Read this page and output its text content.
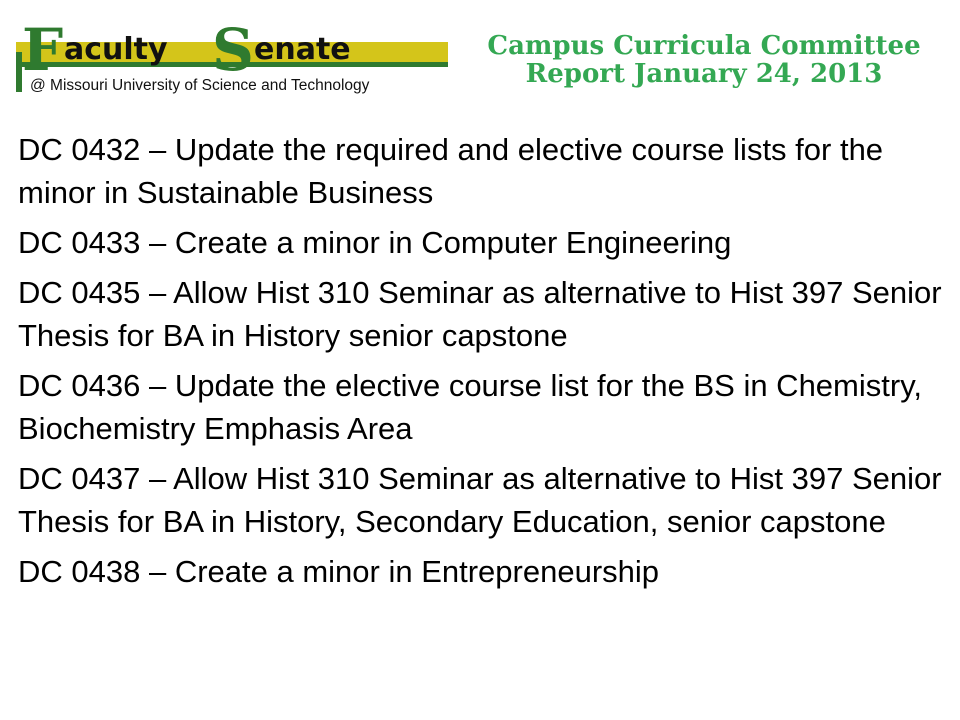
F aculty S enate
@ Missouri University of Science and Technology
Campus Curricula Committee
Report January 24, 2013
DC 0432 – Update the required and elective course lists for the minor in Sustainable Business
DC 0433 – Create a minor in Computer Engineering
DC 0435 – Allow Hist 310 Seminar as alternative to Hist 397 Senior Thesis for BA in History senior capstone
DC 0436 – Update the elective course list for the BS in Chemistry, Biochemistry Emphasis Area
DC 0437 – Allow Hist 310 Seminar as alternative to Hist 397 Senior Thesis for BA in History, Secondary Education, senior capstone
DC 0438 – Create a minor in Entrepreneurship
